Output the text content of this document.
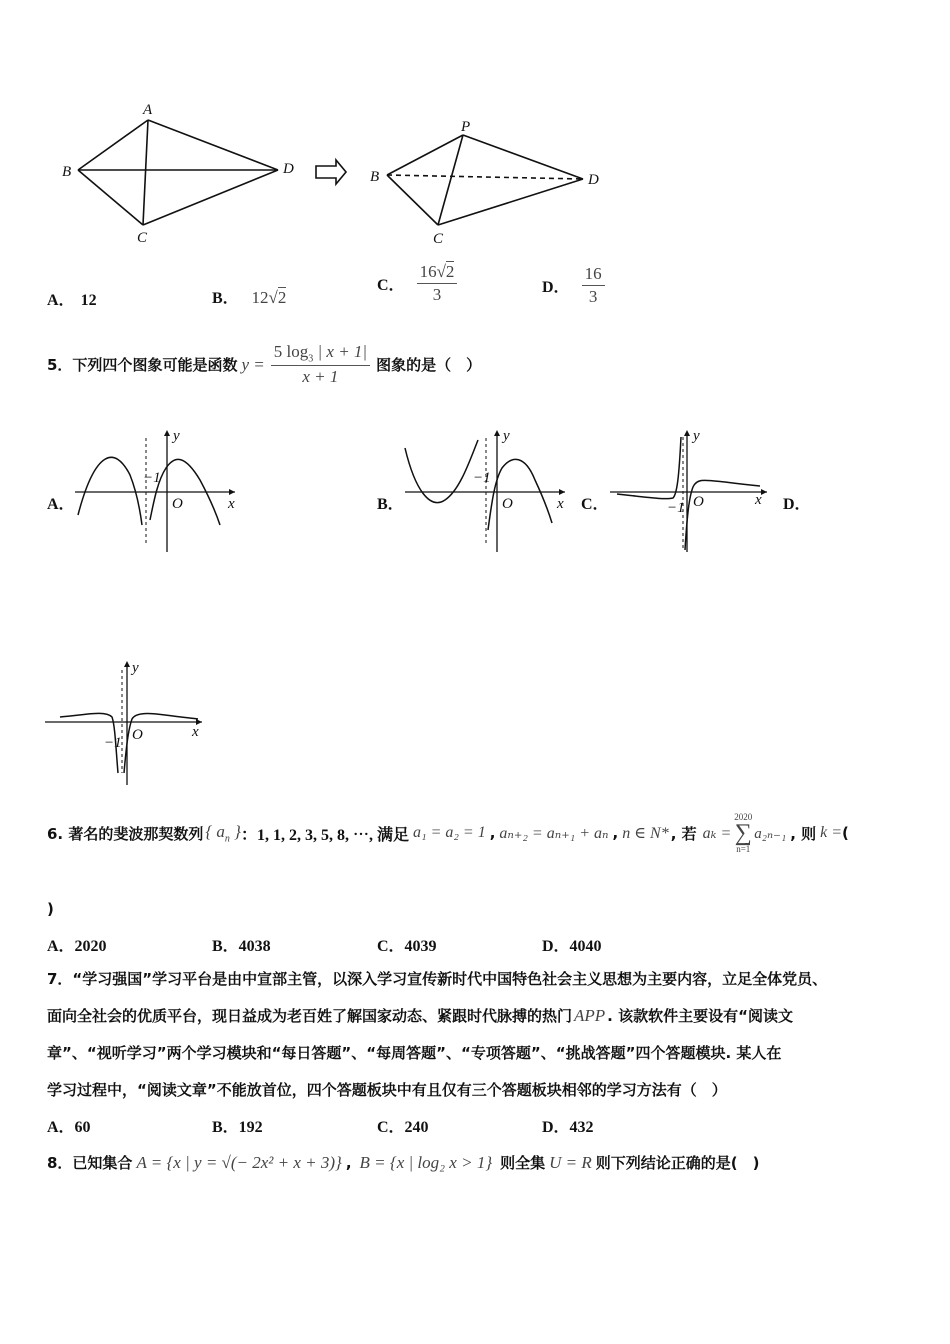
A
B
C
D
P
B
C
D
A． 12	B． 12√2
C． $\frac{16√2}{3}$	D． $\frac{16}{3}$
5．下列四个图象可能是函数 $y = \frac{5 \log_3 | x + 1|}{x + 1}$ 图象的是（　）
A．
y
x
O
−1
B．
y
x
O
−1
C．
y
x
O
−1	D．
y
x
O
−1
6. 著名的斐波那契数列 { $a_n$ } ：1, 1, 2, 3, 5, 8, ⋯, 满足 a₁ = a₂ = 1 , aₙ₊₂ = aₙ₊₁ + aₙ , n ∈ N* , 若 aₖ =
2020
∑
n=1
a₂ₙ₋₁ , 则 k = (
)
A．2020	B．4038	C．4039	D．4040
7．“学习强国”学习平台是由中宣部主管，以深入学习宣传新时代中国特色社会主义思想为主要内容，立足全体党员、
面向全社会的优质平台，现日益成为老百姓了解国家动态、紧跟时代脉搏的热门 APP . 该款软件主要设有“阅读文
章”、“视听学习”两个学习模块和“每日答题”、“每周答题”、“专项答题”、“挑战答题”四个答题模块. 某人在
学习过程中，“阅读文章”不能放首位，四个答题板块中有且仅有三个答题板块相邻的学习方法有（　）
A．60	B．192	C．240	D．432
8．已知集合 A = {x | y = √(− 2x² + x + 3)} , B = {x | log₂ x > 1} 则全集 U = R 则下列结论正确的是(　)
